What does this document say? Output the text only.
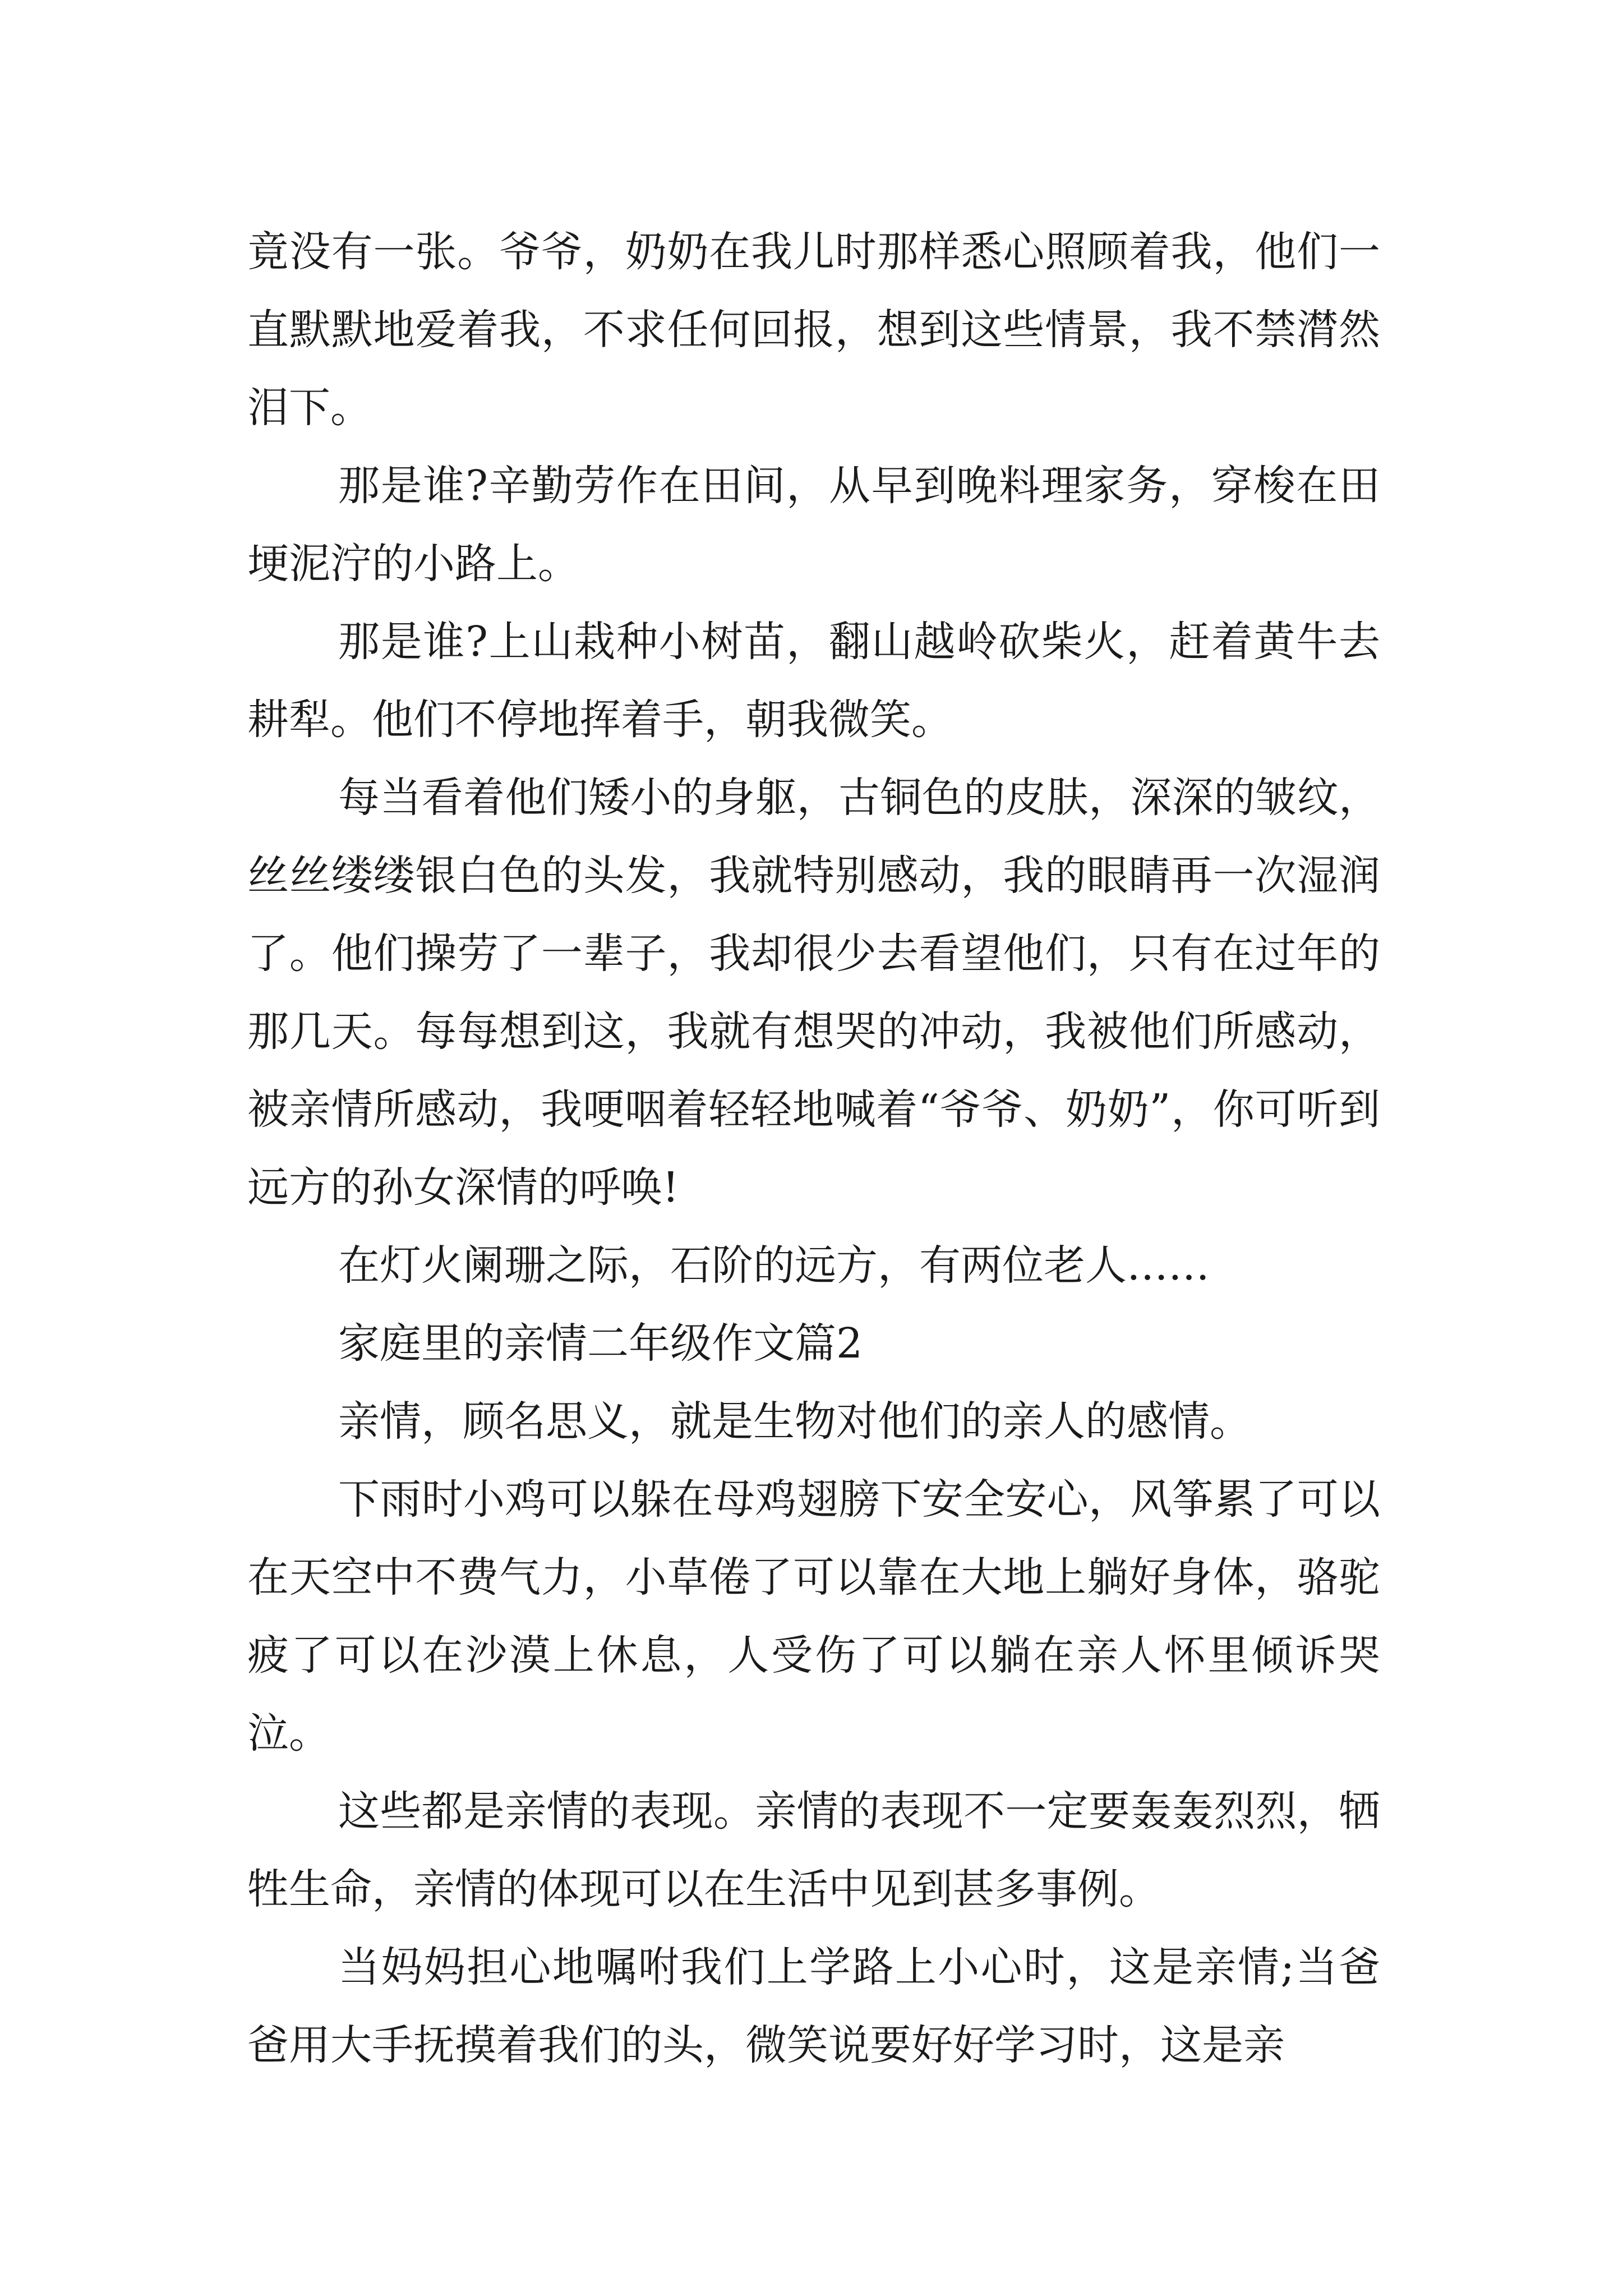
竟没有一张。爷爷，奶奶在我儿时那样悉心照顾着我，他们一直默默地爱着我，不求任何回报，想到这些情景，我不禁潸然泪下。

那是谁?辛勤劳作在田间，从早到晚料理家务，穿梭在田埂泥泞的小路上。

那是谁?上山栽种小树苗，翻山越岭砍柴火，赶着黄牛去耕犁。他们不停地挥着手，朝我微笑。

每当看着他们矮小的身躯，古铜色的皮肤，深深的皱纹，丝丝缕缕银白色的头发，我就特别感动，我的眼睛再一次湿润了。他们操劳了一辈子，我却很少去看望他们，只有在过年的那几天。每每想到这，我就有想哭的冲动，我被他们所感动，被亲情所感动，我哽咽着轻轻地喊着“爷爷、奶奶”，你可听到远方的孙女深情的呼唤!

在灯火阑珊之际，石阶的远方，有两位老人……

家庭里的亲情二年级作文篇2

亲情，顾名思义，就是生物对他们的亲人的感情。

下雨时小鸡可以躲在母鸡翅膀下安全安心，风筝累了可以在天空中不费气力，小草倦了可以靠在大地上躺好身体，骆驼疲了可以在沙漠上休息，人受伤了可以躺在亲人怀里倾诉哭泣。

这些都是亲情的表现。亲情的表现不一定要轰轰烈烈，牺牲生命，亲情的体现可以在生活中见到甚多事例。

当妈妈担心地嘱咐我们上学路上小心时，这是亲情;当爸爸用大手抚摸着我们的头，微笑说要好好学习时，这是亲
